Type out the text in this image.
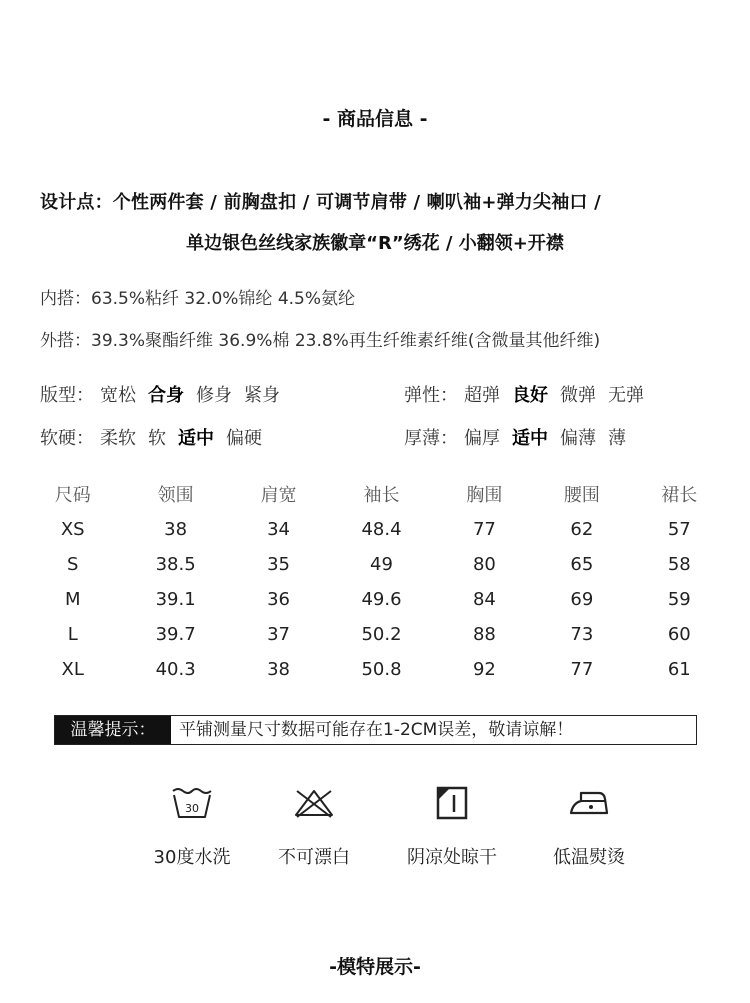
- 商品信息 -
设计点：个性两件套 / 前胸盘扣 / 可调节肩带 / 喇叭袖+弹力尖袖口 /
单边银色丝线家族徽章“R”绣花 / 小翻领+开襟
内搭：63.5%粘纤 32.0%锦纶 4.5%氨纶
外搭：39.3%聚酯纤维 36.9%棉 23.8%再生纤维素纤维(含微量其他纤维)
版型： 宽松 合身 修身 紧身	弹性： 超弹 良好 微弹 无弹
软硬： 柔软 软 适中 偏硬	厚薄： 偏厚 适中 偏薄 薄
尺码	领围	肩宽	袖长	胸围	腰围	裙长
XS	38	34	48.4	77	62	57
S	38.5	35	49	80	65	58
M	39.1	36	49.6	84	69	59
L	39.7	37	50.2	88	73	60
XL	40.3	38	50.8	92	77	61
温馨提示：	平铺测量尺寸数据可能存在1-2CM误差，敬请谅解！
30
30度水洗	不可漂白	阴凉处晾干	低温熨烫
-模特展示-
